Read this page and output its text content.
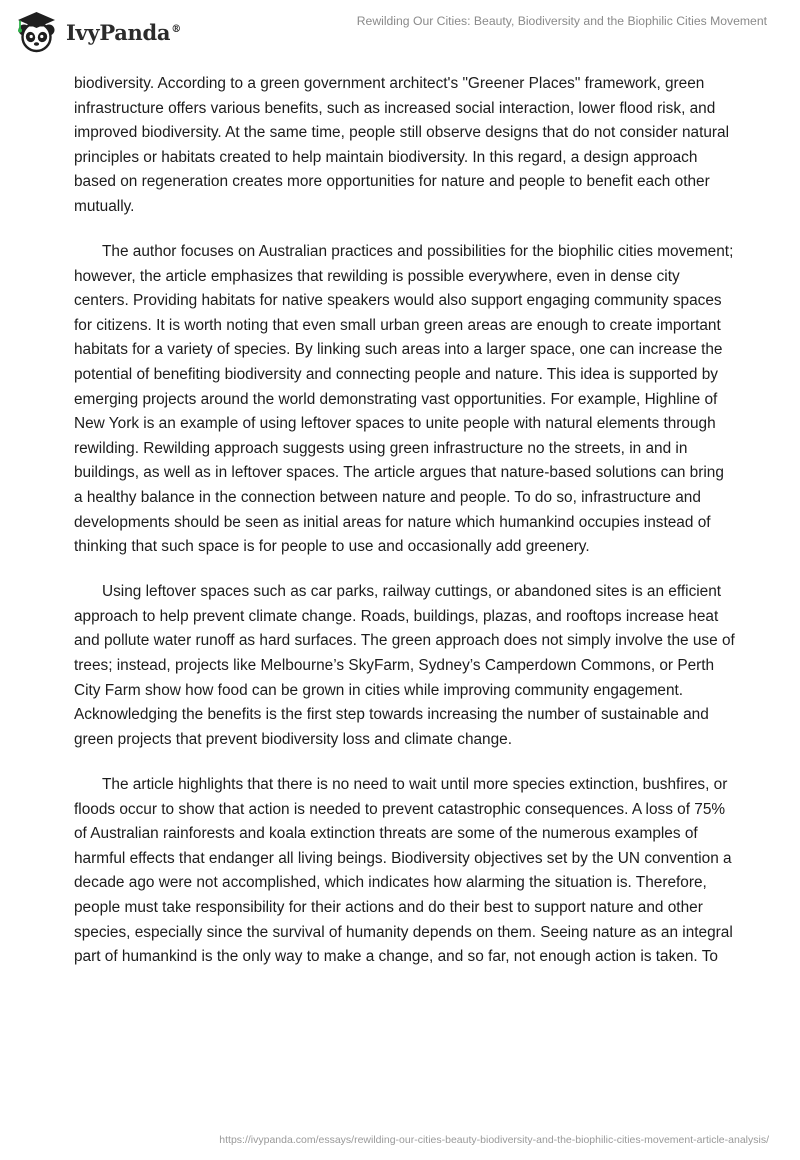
IvyPanda®
Rewilding Our Cities: Beauty, Biodiversity and the Biophilic Cities Movement

biodiversity. According to a green government architect's "Greener Places" framework, green infrastructure offers various benefits, such as increased social interaction, lower flood risk, and improved biodiversity. At the same time, people still observe designs that do not consider natural principles or habitats created to help maintain biodiversity. In this regard, a design approach based on regeneration creates more opportunities for nature and people to benefit each other mutually.

The author focuses on Australian practices and possibilities for the biophilic cities movement; however, the article emphasizes that rewilding is possible everywhere, even in dense city centers. Providing habitats for native speakers would also support engaging community spaces for citizens. It is worth noting that even small urban green areas are enough to create important habitats for a variety of species. By linking such areas into a larger space, one can increase the potential of benefiting biodiversity and connecting people and nature. This idea is supported by emerging projects around the world demonstrating vast opportunities. For example, Highline of New York is an example of using leftover spaces to unite people with natural elements through rewilding. Rewilding approach suggests using green infrastructure no the streets, in and in buildings, as well as in leftover spaces. The article argues that nature-based solutions can bring a healthy balance in the connection between nature and people. To do so, infrastructure and developments should be seen as initial areas for nature which humankind occupies instead of thinking that such space is for people to use and occasionally add greenery.

Using leftover spaces such as car parks, railway cuttings, or abandoned sites is an efficient approach to help prevent climate change. Roads, buildings, plazas, and rooftops increase heat and pollute water runoff as hard surfaces. The green approach does not simply involve the use of trees; instead, projects like Melbourne’s SkyFarm, Sydney’s Camperdown Commons, or Perth City Farm show how food can be grown in cities while improving community engagement. Acknowledging the benefits is the first step towards increasing the number of sustainable and green projects that prevent biodiversity loss and climate change.

The article highlights that there is no need to wait until more species extinction, bushfires, or floods occur to show that action is needed to prevent catastrophic consequences. A loss of 75% of Australian rainforests and koala extinction threats are some of the numerous examples of harmful effects that endanger all living beings. Biodiversity objectives set by the UN convention a decade ago were not accomplished, which indicates how alarming the situation is. Therefore, people must take responsibility for their actions and do their best to support nature and other species, especially since the survival of humanity depends on them. Seeing nature as an integral part of humankind is the only way to make a change, and so far, not enough action is taken. To

https://ivypanda.com/essays/rewilding-our-cities-beauty-biodiversity-and-the-biophilic-cities-movement-article-analysis/
